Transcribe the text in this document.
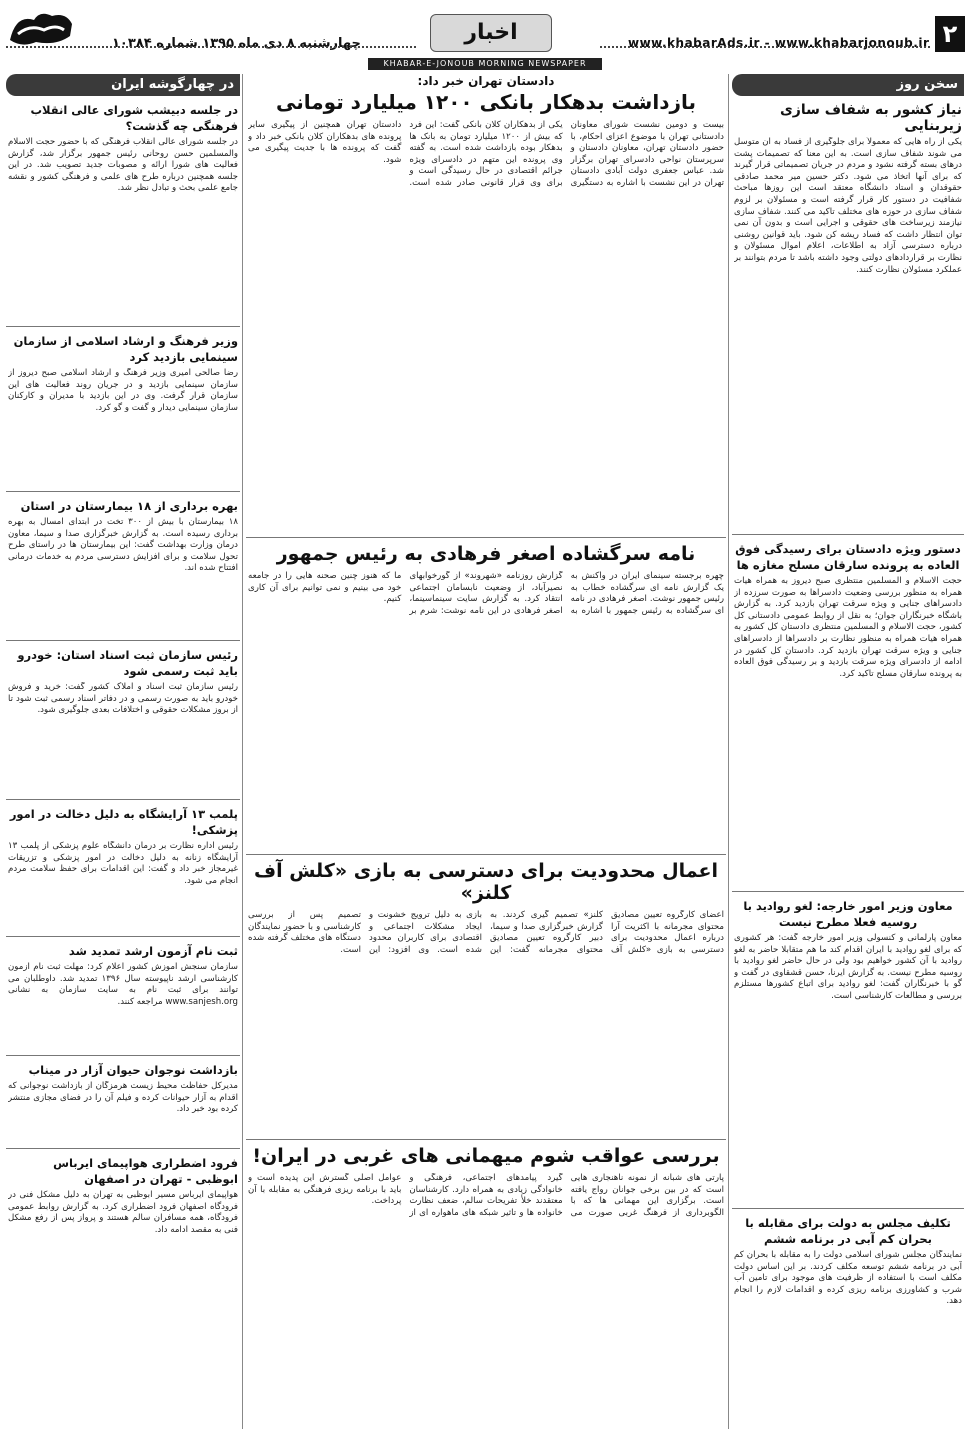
چهارشنبه ۸ دی ماه ۱۳۹۵ شماره ۱۰۳۸۴	اخبار	www.khabarAds.ir - www.khabarjonoub.ir ۲
KHABAR-E-JONOUB MORNING NEWSPAPER
سخن روز
نیاز کشور به شفاف سازی زیربنایی
یکی از راه هایی که معمولاً برای جلوگیری از فساد به آن متوسل می شوند شفاف سازی است. به این معنا که تصمیمات پشت درهای بسته گرفته نشود و مردم در جریان تصمیماتی قرار گیرند که برای آنها اتخاذ می شود. دکتر حسین میر محمد صادقی حقوقدان و استاد دانشگاه معتقد است این روزها مباحث شفافیت در دستور کار قرار گرفته است و مسئولان بر لزوم شفاف سازی در حوزه های مختلف تاکید می کنند. شفاف سازی نیازمند زیرساخت های حقوقی و اجرایی است و بدون آن نمی توان انتظار داشت که فساد ریشه کن شود. باید قوانین روشنی درباره دسترسی آزاد به اطلاعات، اعلام اموال مسئولان و نظارت بر قراردادهای دولتی وجود داشته باشد تا مردم بتوانند بر عملکرد مسئولان نظارت کنند.
دستور ویژه دادستان برای رسیدگی فوق العاده به پرونده سارقان مسلح مغازه ها
حجت الاسلام و المسلمین منتظری صبح دیروز به همراه هیات همراه به منظور بررسی وضعیت دادسراها به صورت سرزده از دادسراهای جنایی و ویژه سرقت تهران بازدید کرد. به گزارش باشگاه خبرنگاران جوان؛ به نقل از روابط عمومی دادستانی کل کشور، حجت الاسلام و المسلمین منتظری دادستان کل کشور به همراه هیات همراه به منظور نظارت بر دادسراها از دادسراهای جنایی و ویژه سرقت تهران بازدید کرد. دادستان کل کشور در ادامه از دادسرای ویژه سرقت بازدید و بر رسیدگی فوق العاده به پرونده سارقان مسلح تاکید کرد.
معاون وزیر امور خارجه: لغو روادید با روسیه فعلا مطرح نیست
معاون پارلمانی و کنسولی وزیر امور خارجه گفت: هر کشوری که برای لغو روادید با ایران اقدام کند ما هم متقابلا حاضر به لغو روادید با آن کشور خواهیم بود ولی در حال حاضر لغو روادید با روسیه مطرح نیست. به گزارش ایرنا، حسن قشقاوی در گفت و گو با خبرنگاران گفت: لغو روادید برای اتباع کشورها مستلزم بررسی و مطالعات کارشناسی است.
تکلیف مجلس به دولت برای مقابله با بحران کم آبی در برنامه ششم
نمایندگان مجلس شورای اسلامی دولت را به مقابله با بحران کم آبی در برنامه ششم توسعه مکلف کردند. بر این اساس دولت مکلف است با استفاده از ظرفیت های موجود برای تامین آب شرب و کشاورزی برنامه ریزی کرده و اقدامات لازم را انجام دهد.
دادستان تهران خبر داد:
بازداشت بدهکار بانکی ۱۲۰۰ میلیارد تومانی
بیست و دومین نشست شورای معاونان دادستانی تهران با موضوع اعزای احکام، با حضور دادستان تهران، معاونان دادستان و سرپرستان نواحی دادسرای تهران برگزار شد. عباس جعفری دولت آبادی دادستان تهران در این نشست با اشاره به دستگیری یکی از بدهکاران کلان بانکی گفت: این فرد که بیش از ۱۲۰۰ میلیارد تومان به بانک ها بدهکار بوده بازداشت شده است. به گفته وی پرونده این متهم در دادسرای ویژه جرائم اقتصادی در حال رسیدگی است و برای وی قرار قانونی صادر شده است. دادستان تهران همچنین از پیگیری سایر پرونده های بدهکاران کلان بانکی خبر داد و گفت که پرونده ها با جدیت پیگیری می شود.
نامه سرگشاده اصغر فرهادی به رئیس جمهور
چهره برجسته سینمای ایران در واکنش به یک گزارش نامه ای سرگشاده خطاب به رئیس جمهور نوشت. اصغر فرهادی در نامه ای سرگشاده به رئیس جمهور با اشاره به گزارش روزنامه «شهروند» از گورخوابهای نصیرآباد، از وضعیت نابسامان اجتماعی انتقاد کرد. به گزارش سایت سینماسینما، اصغر فرهادی در این نامه نوشت: شرم بر ما که هنوز چنین صحنه هایی را در جامعه خود می بینیم و نمی توانیم برای آن کاری کنیم.
اعمال محدودیت برای دسترسی به بازی «کلش آف کلنز»
اعضای کارگروه تعیین مصادیق محتوای مجرمانه با اکثریت آرا درباره اعمال محدودیت برای دسترسی به بازی «کلش آف کلنز» تصمیم گیری کردند. به گزارش خبرگزاری صدا و سیما، دبیر کارگروه تعیین مصادیق محتوای مجرمانه گفت: این بازی به دلیل ترویج خشونت و ایجاد مشکلات اجتماعی و اقتصادی برای کاربران محدود شده است. وی افزود: این تصمیم پس از بررسی کارشناسی و با حضور نمایندگان دستگاه های مختلف گرفته شده است.
بررسی عواقب شوم میهمانی های غربی در ایران!
پارتی های شبانه از نمونه ناهنجاری هایی است که در بین برخی جوانان رواج یافته است. برگزاری این مهمانی ها که با الگوبرداری از فرهنگ غربی صورت می گیرد پیامدهای اجتماعی، فرهنگی و خانوادگی زیادی به همراه دارد. کارشناسان معتقدند خلأ تفریحات سالم، ضعف نظارت خانواده ها و تاثیر شبکه های ماهواره ای از عوامل اصلی گسترش این پدیده است و باید با برنامه ریزی فرهنگی به مقابله با آن پرداخت.
در چهارگوشه ایران
در جلسه دبیشب شورای عالی انقلاب فرهنگی چه گذشت؟
در جلسه شورای عالی انقلاب فرهنگی که با حضور حجت الاسلام والمسلمین حسن روحانی رئیس جمهور برگزار شد، گزارش فعالیت های شورا ارائه و مصوبات جدید تصویب شد. در این جلسه همچنین درباره طرح های علمی و فرهنگی کشور و نقشه جامع علمی بحث و تبادل نظر شد.
وزیر فرهنگ و ارشاد اسلامی از سازمان سینمایی بازدید کرد
رضا صالحی امیری وزیر فرهنگ و ارشاد اسلامی صبح دیروز از سازمان سینمایی بازدید و در جریان روند فعالیت های این سازمان قرار گرفت. وی در این بازدید با مدیران و کارکنان سازمان سینمایی دیدار و گفت و گو کرد.
بهره برداری از ۱۸ بیمارستان در استان
۱۸ بیمارستان با بیش از ۳۰۰ تخت در ابتدای امسال به بهره برداری رسیده است. به گزارش خبرگزاری صدا و سیما، معاون درمان وزارت بهداشت گفت: این بیمارستان ها در راستای طرح تحول سلامت و برای افزایش دسترسی مردم به خدمات درمانی افتتاح شده اند.
رئیس سازمان ثبت اسناد استان: خودرو باید ثبت رسمی شود
رئیس سازمان ثبت اسناد و املاک کشور گفت: خرید و فروش خودرو باید به صورت رسمی و در دفاتر اسناد رسمی ثبت شود تا از بروز مشکلات حقوقی و اختلافات بعدی جلوگیری شود.
پلمب ۱۳ آرایشگاه به دلیل دخالت در امور پزشکی!
رئیس اداره نظارت بر درمان دانشگاه علوم پزشکی از پلمب ۱۳ آرایشگاه زنانه به دلیل دخالت در امور پزشکی و تزریقات غیرمجاز خبر داد و گفت: این اقدامات برای حفظ سلامت مردم انجام می شود.
ثبت نام آزمون ارشد تمدید شد
سازمان سنجش آموزش کشور اعلام کرد: مهلت ثبت نام آزمون کارشناسی ارشد ناپیوسته سال ۱۳۹۶ تمدید شد. داوطلبان می توانند برای ثبت نام به سایت سازمان به نشانی www.sanjesh.org مراجعه کنند.
بازداشت نوجوان حیوان آزار در میناب
مدیرکل حفاظت محیط زیست هرمزگان از بازداشت نوجوانی که اقدام به آزار حیوانات کرده و فیلم آن را در فضای مجازی منتشر کرده بود خبر داد.
فرود اضطراری هواپیمای ایرباس ابوظبی - تهران در اصفهان
هواپیمای ایرباس مسیر ابوظبی به تهران به دلیل مشکل فنی در فرودگاه اصفهان فرود اضطراری کرد. به گزارش روابط عمومی فرودگاه، همه مسافران سالم هستند و پرواز پس از رفع مشکل فنی به مقصد ادامه داد.
